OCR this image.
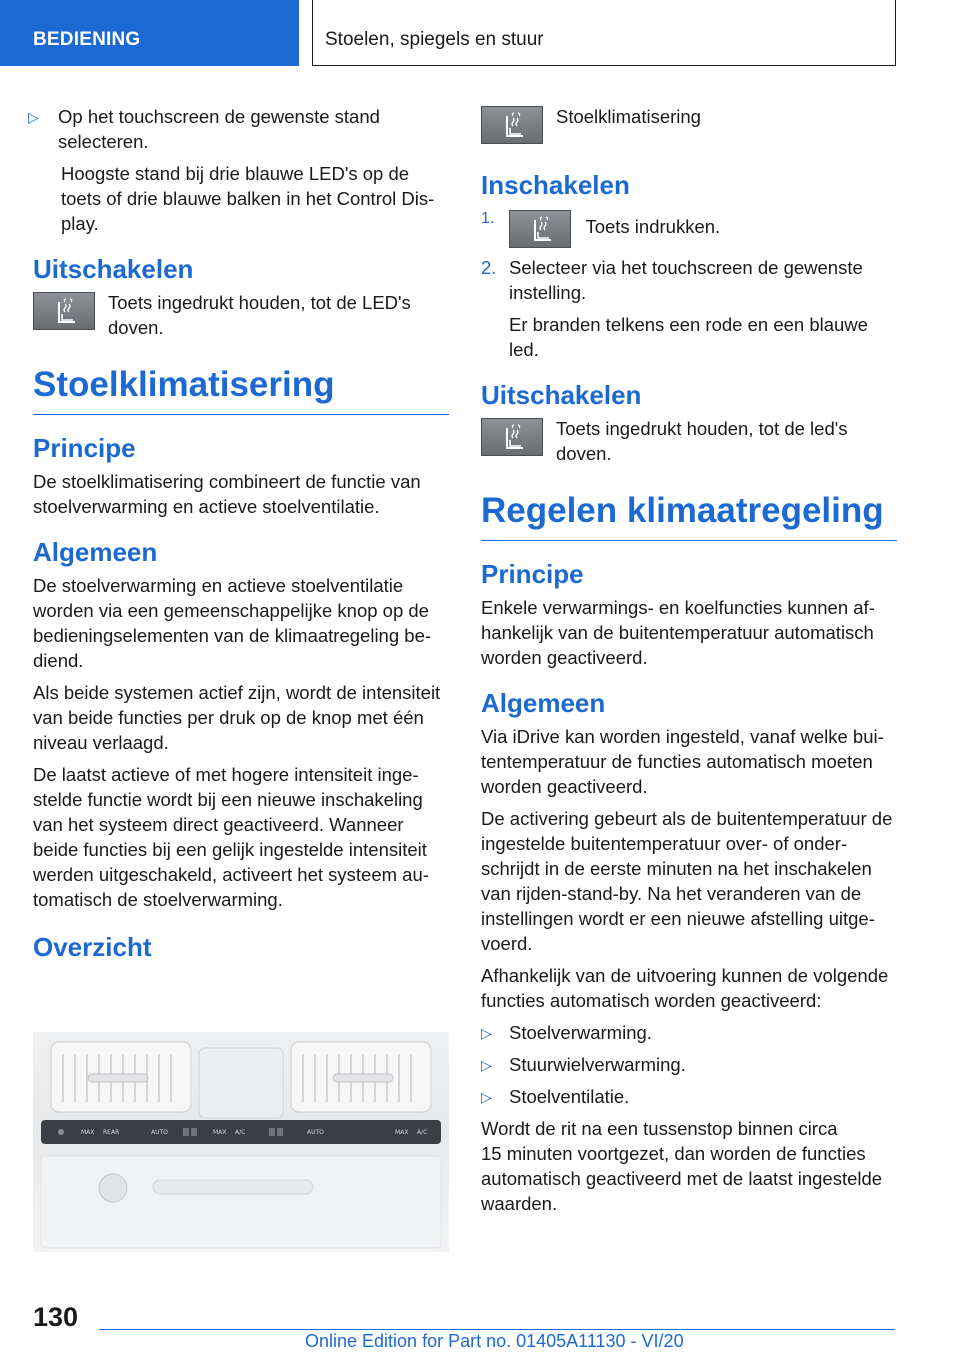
BEDIENING	Stoelen, spiegels en stuur

▷ Op het touchscreen de gewenste stand selecteren.

Hoogste stand bij drie blauwe LED's op de toets of drie blauwe balken in het Control Display.

Uitschakelen

Toets ingedrukt houden, tot de LED's doven.

Stoelklimatisering
Principe

De stoelklimatisering combineert de functie van stoelverwarming en actieve stoelventilatie.

Algemeen

De stoelverwarming en actieve stoelventilatie worden via een gemeenschappelijke knop op de bedieningselementen van de klimaatregeling bediend.

Als beide systemen actief zijn, wordt de intensiteit van beide functies per druk op de knop met één niveau verlaagd.

De laatst actieve of met hogere intensiteit ingestelde functie wordt bij een nieuwe inschakeling van het systeem direct geactiveerd. Wanneer beide functies bij een gelijk ingestelde intensiteit werden uitgeschakeld, activeert het systeem automatisch de stoelverwarming.

Overzicht
MAX REAR	AUTO	MAX A/C	AUTO	MAX A/C

Stoelklimatisering

Inschakelen
1.	Toets indrukken.

2. Selecteer via het touchscreen de gewenste instelling.

Er branden telkens een rode en een blauwe led.

Uitschakelen

Toets ingedrukt houden, tot de led's doven.

Regelen klimaatregeling
Principe

Enkele verwarmings- en koelfuncties kunnen afhankelijk van de buitentemperatuur automatisch worden geactiveerd.

Algemeen

Via iDrive kan worden ingesteld, vanaf welke buitentemperatuur de functies automatisch moeten worden geactiveerd.

De activering gebeurt als de buitentemperatuur de ingestelde buitentemperatuur over- of onderschrijdt in de eerste minuten na het inschakelen van rijden-stand-by. Na het veranderen van de instellingen wordt er een nieuwe afstelling uitgevoerd.

Afhankelijk van de uitvoering kunnen de volgende functies automatisch worden geactiveerd:

▷ Stoelverwarming.

▷ Stuurwielverwarming.

▷ Stoelventilatie.

Wordt de rit na een tussenstop binnen circa 15 minuten voortgezet, dan worden de functies automatisch geactiveerd met de laatst ingestelde waarden.

130
Online Edition for Part no. 01405A11130 - VI/20
